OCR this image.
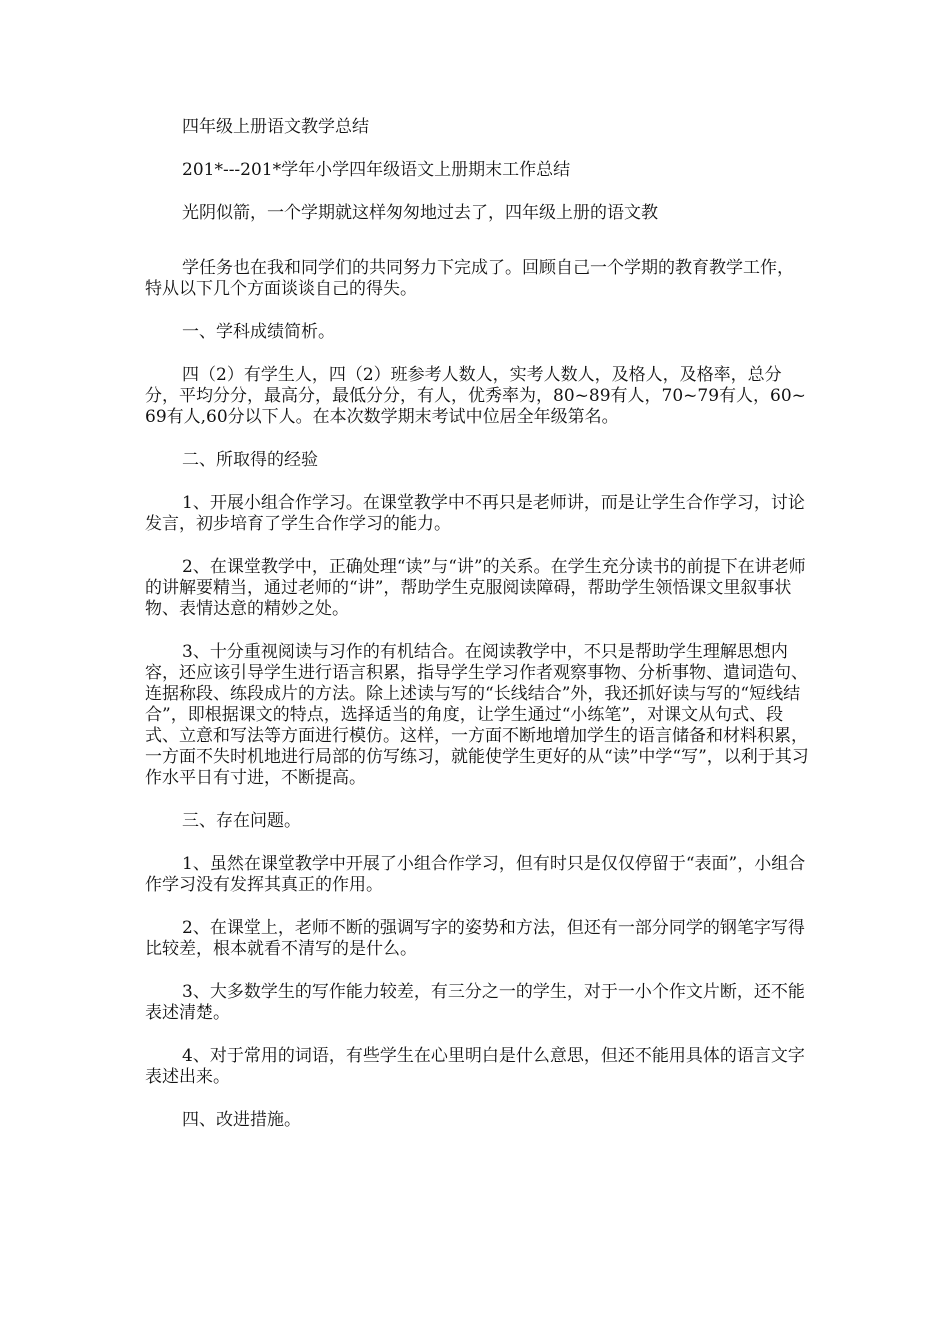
四年级上册语文教学总结

201*---201*学年小学四年级语文上册期末工作总结

光阴似箭，一个学期就这样匆匆地过去了，四年级上册的语文教

学任务也在我和同学们的共同努力下完成了。回顾自己一个学期的教育教学工作，特从以下几个方面谈谈自己的得失。

一、学科成绩简析。

四（2）有学生人，四（2）班参考人数人，实考人数人，及格人，及格率，总分分，平均分分，最高分，最低分分，有人，优秀率为，80~89有人，70~79有人，60~69有人,60分以下人。在本次数学期末考试中位居全年级第名。

二、所取得的经验

1、开展小组合作学习。在课堂教学中不再只是老师讲，而是让学生合作学习，讨论发言，初步培育了学生合作学习的能力。

2、在课堂教学中，正确处理“读”与“讲”的关系。在学生充分读书的前提下在讲老师的讲解要精当，通过老师的“讲”，帮助学生克服阅读障碍，帮助学生领悟课文里叙事状物、表情达意的精妙之处。

3、十分重视阅读与习作的有机结合。在阅读教学中，不只是帮助学生理解思想内容，还应该引导学生进行语言积累，指导学生学习作者观察事物、分析事物、遣词造句、连据称段、练段成片的方法。除上述读与写的“长线结合”外，我还抓好读与写的“短线结合”，即根据课文的特点，选择适当的角度，让学生通过“小练笔”，对课文从句式、段式、立意和写法等方面进行模仿。这样，一方面不断地增加学生的语言储备和材料积累，一方面不失时机地进行局部的仿写练习，就能使学生更好的从“读”中学“写”，以利于其习作水平日有寸进，不断提高。

三、存在问题。

1、虽然在课堂教学中开展了小组合作学习，但有时只是仅仅停留于“表面”，小组合作学习没有发挥其真正的作用。

2、在课堂上，老师不断的强调写字的姿势和方法，但还有一部分同学的钢笔字写得比较差，根本就看不清写的是什么。

3、大多数学生的写作能力较差，有三分之一的学生，对于一小个作文片断，还不能表述清楚。

4、对于常用的词语，有些学生在心里明白是什么意思，但还不能用具体的语言文字表述出来。

四、改进措施。
